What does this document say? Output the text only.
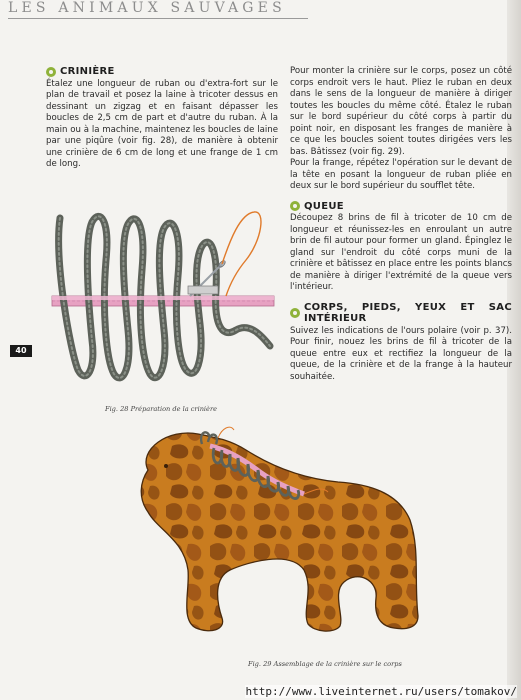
LES ANIMAUX SAUVAGES
40
CRINIÈRE

Étalez une longueur de ruban ou d'extra-fort sur le plan de travail et posez la laine à tricoter dessus en dessinant un zigzag et en faisant dépasser les boucles de 2,5 cm de part et d'autre du ruban. À la main ou à la machine, maintenez les boucles de laine par une piqûre (voir fig. 28), de manière à obtenir une crinière de 6 cm de long et une frange de 1 cm de long.

Pour monter la crinière sur le corps, posez un côté corps endroit vers le haut. Pliez le ruban en deux dans le sens de la longueur de manière à diriger toutes les boucles du même côté. Étalez le ruban sur le bord supérieur du côté corps à partir du point noir, en disposant les franges de manière à ce que les boucles soient toutes dirigées vers les bas. Bâtissez (voir fig. 29).

Pour la frange, répétez l'opération sur le devant de la tête en posant la longueur de ruban pliée en deux sur le bord supérieur du soufflet tête.

QUEUE

Découpez 8 brins de fil à tricoter de 10 cm de longueur et réunissez-les en enroulant un autre brin de fil autour pour former un gland. Épinglez le gland sur l'endroit du côté corps muni de la crinière et bâtissez en place entre les points blancs de manière à diriger l'extrémité de la queue vers l'intérieur.

CORPS, PIEDS, YEUX ET SAC INTÉRIEUR

Suivez les indications de l'ours polaire (voir p. 37). Pour finir, nouez les brins de fil à tricoter de la queue entre eux et rectifiez la longueur de la queue, de la crinière et de la frange à la hauteur souhaitée.

Fig. 28 Préparation de la crinière
Fig. 29 Assemblage de la crinière sur le corps
http://www.liveinternet.ru/users/tomakov/
